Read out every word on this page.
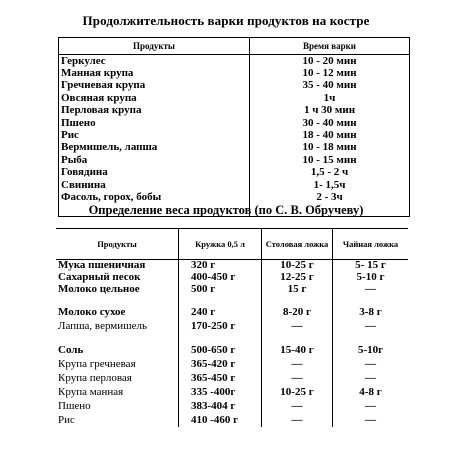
Продолжительность варки продуктов на костре
Продукты	Время варки
Геркулес	10 - 20 мин
Манная крупа	10 - 12 мин
Гречневая крупа	35 - 40 мин
Овсяная крупа	1ч
Перловая крупа	1 ч 30 мин
Пшено	30 - 40 мин
Рис	18 - 40 мин
Вермишель, лапша	10 - 18 мин
Рыба	10 - 15 мин
Говядина	1,5 - 2 ч
Свинина	1- 1,5ч
Фасоль, горох, бобы	2 - 3ч

Определение веса продуктов (по С. В. Обручеву)
Продукты	Кружка 0,5 л	Столовая ложка	Чайная ложка
Мука пшеничная	320 г	10-25 г	5- 15 г
Сахарный песок	400-450 г	12-25 г	5-10 г
Молоко цельное	500 г	15 г	—

Молоко сухое	240 г	8-20 г	3-8 г
Лапша, вермишель	170-250 г	—	—

Соль	500-650 г	15-40 г	5-10г
Крупа гречневая	365-420 г	—	—
Крупа перловая	365-450 г	—	—
Крупа манная	335 -400г	10-25 г	4-8 г
Пшено	383-404 г	—	—
Рис	410 -460 г	—	—
